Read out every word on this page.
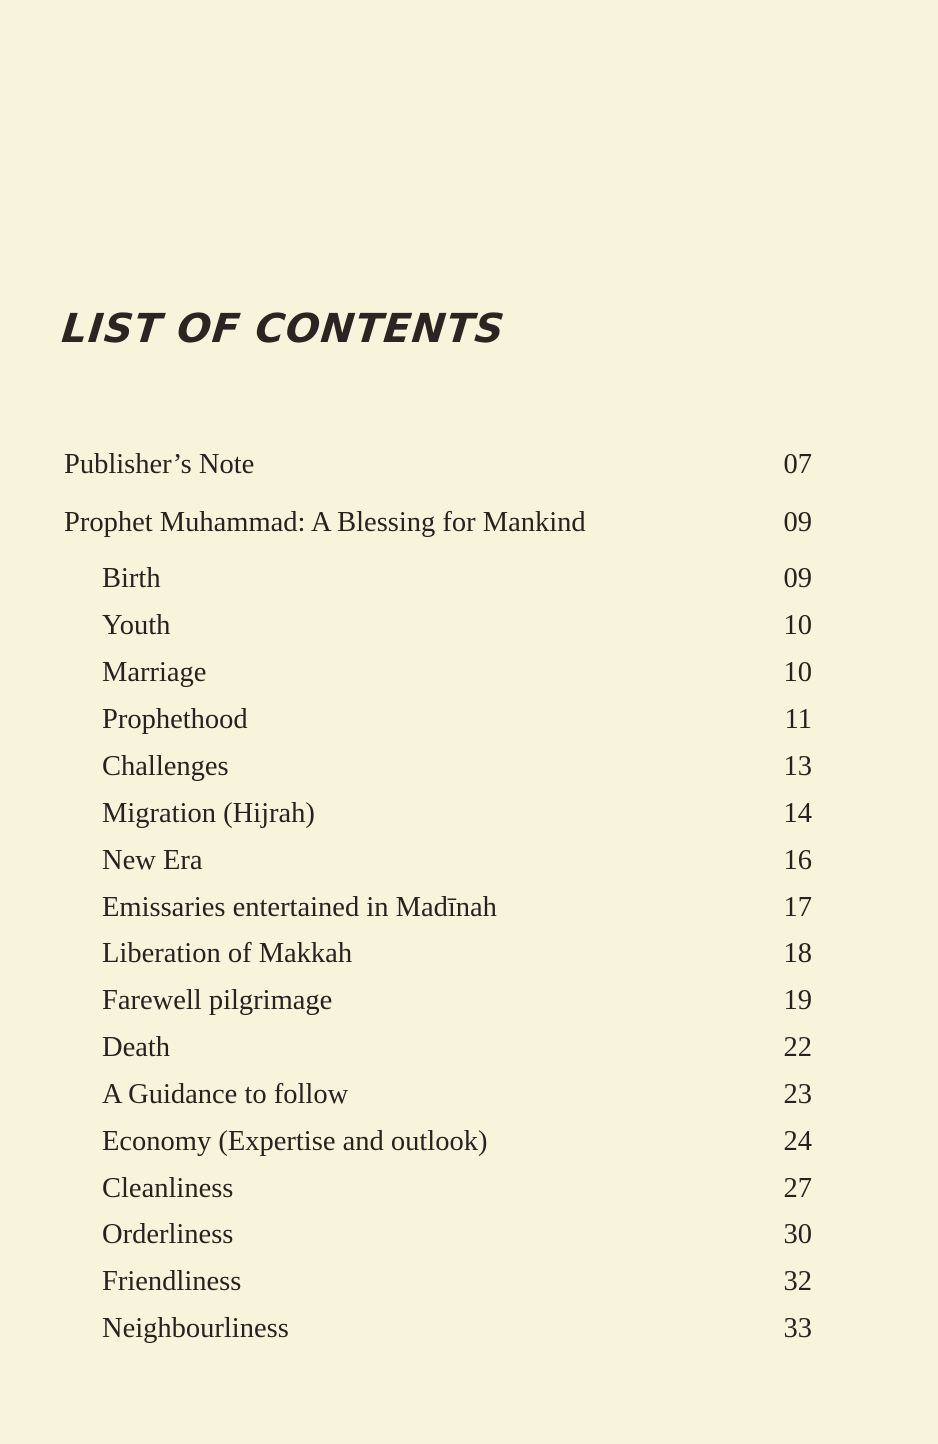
LIST OF CONTENTS
Publisher’s Note	07
Prophet Muhammad: A Blessing for Mankind	09
Birth	09
Youth	10
Marriage	10
Prophethood	11
Challenges	13
Migration (Hijrah)	14
New Era	16
Emissaries entertained in Madīnah	17
Liberation of Makkah	18
Farewell pilgrimage	19
Death	22
A Guidance to follow	23
Economy (Expertise and outlook)	24
Cleanliness	27
Orderliness	30
Friendliness	32
Neighbourliness	33
